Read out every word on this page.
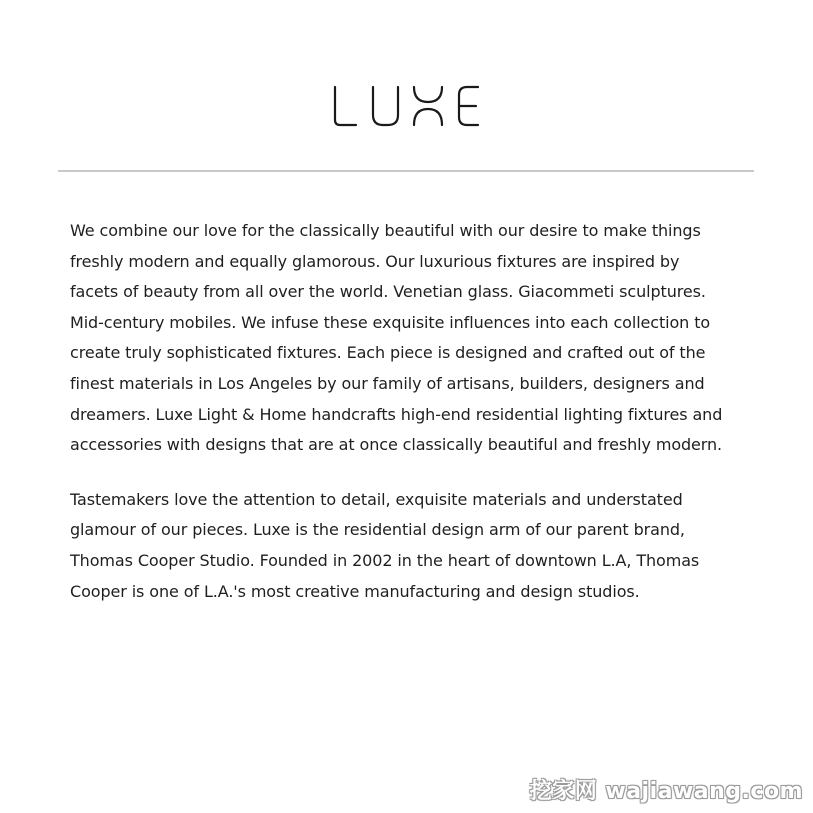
We combine our love for the classically beautiful with our desire to make things
freshly modern and equally glamorous. Our luxurious fixtures are inspired by
facets of beauty from all over the world. Venetian glass. Giacommeti sculptures.
Mid-century mobiles. We infuse these exquisite influences into each collection to
create truly sophisticated fixtures. Each piece is designed and crafted out of the
finest materials in Los Angeles by our family of artisans, builders, designers and
dreamers. Luxe Light & Home handcrafts high-end residential lighting fixtures and
accessories with designs that are at once classically beautiful and freshly modern.

Tastemakers love the attention to detail, exquisite materials and understated
glamour of our pieces. Luxe is the residential design arm of our parent brand,
Thomas Cooper Studio. Founded in 2002 in the heart of downtown L.A, Thomas
Cooper is one of L.A.'s most creative manufacturing and design studios.

挖家网 wajiawang.com
